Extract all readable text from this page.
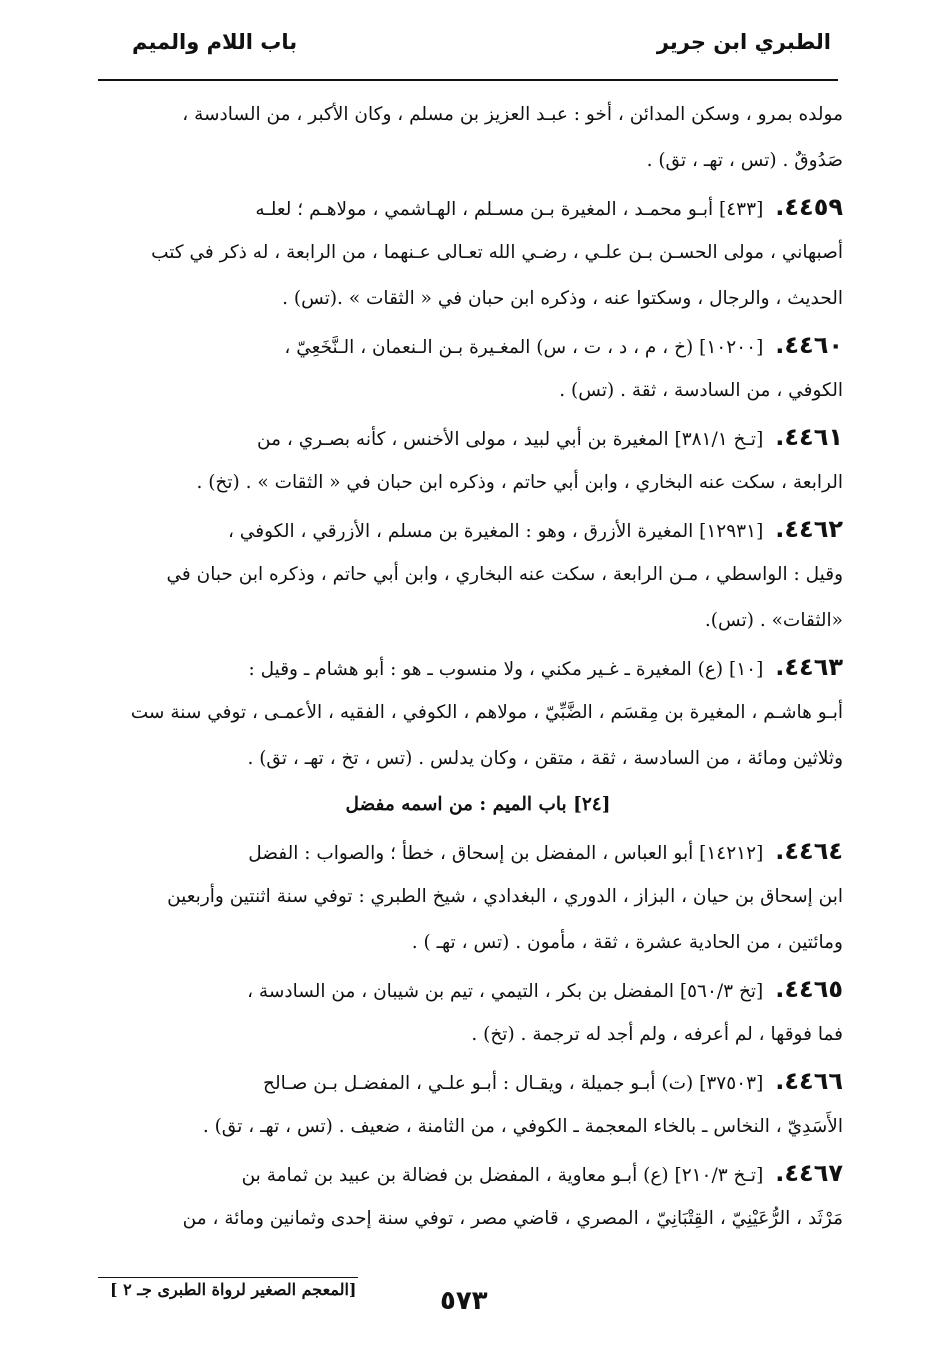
الطبري ابن جرير
باب اللام والميم
مولده بمرو ، وسكن المدائن ، أخو : عبـد العزيز بن مسلم ، وكان الأكبر ، من السادسة ،
صَدُوقٌ . (تس ، تهـ ، تق) .
٤٤٥٩.[٤٣٣] أبـو محمـد ، المغيرة بـن مسـلم ، الهـاشمي ، مولاهـم ؛ لعلـه
أصبهاني ، مولى الحسـن بـن علـي ، رضـي الله تعـالى عـنهما ، من الرابعة ، له ذكر في كتب
الحديث ، والرجال ، وسكتوا عنه ، وذكره ابن حبان في « الثقات » .(تس) .
٤٤٦٠.[١٠٢٠٠] (خ ، م ، د ، ت ، س) المغـيرة بـن الـنعمان ، الـنَّخَعِيّ ،
الكوفي ، من السادسة ، ثقة . (تس) .
٤٤٦١.[تـخ ٣٨١/١] المغيرة بن أبي لبيد ، مولى الأخنس ، كأنه بصـري ، من
الرابعة ، سكت عنه البخاري ، وابن أبي حاتم ، وذكره ابن حبان في « الثقات » . (تخ) .
٤٤٦٢.[١٢٩٣١] المغيرة الأزرق ، وهو : المغيرة بن مسلم ، الأزرقي ، الكوفي ،
وقيل : الواسطي ، مـن الرابعة ، سكت عنه البخاري ، وابن أبي حاتم ، وذكره ابن حبان في
«الثقات» . (تس).
٤٤٦٣.[١٠] (ع) المغيرة ـ غـير مكني ، ولا منسوب ـ هو : أبو هشام ـ وقيل :
أبـو هاشـم ، المغيرة بن مِقسَم ، الضَّبِّيّ ، مولاهم ، الكوفي ، الفقيه ، الأعمـى ، توفي سنة ست
وثلاثين ومائة ، من السادسة ، ثقة ، متقن ، وكان يدلس . (تس ، تخ ، تهـ ، تق) .
[٢٤] باب الميم : من اسمه مفضل
٤٤٦٤.[١٤٢١٢] أبو العباس ، المفضل بن إسحاق ، خطأ ؛ والصواب : الفضل
ابن إسحاق بن حيان ، البزاز ، الدوري ، البغدادي ، شيخ الطبري : توفي سنة اثنتين وأربعين
ومائتين ، من الحادية عشرة ، ثقة ، مأمون . (تس ، تهـ ) .
٤٤٦٥.[تخ ٥٦٠/٣] المفضل بن بكر ، التيمي ، تيم بن شيبان ، من السادسة ،
فما فوقها ، لم أعرفه ، ولم أجد له ترجمة . (تخ) .
٤٤٦٦.[٣٧٥٠٣] (ت) أبـو جميلة ، ويقـال : أبـو علـي ، المفضـل بـن صـالح
الأَسَدِيّ ، النخاس ـ بالخاء المعجمة ـ الكوفي ، من الثامنة ، ضعيف . (تس ، تهـ ، تق) .
٤٤٦٧.[تـخ ٢١٠/٣] (ع) أبـو معاوية ، المفضل بن فضالة بن عبيد بن ثمامة بن
مَرْثَد ، الرُّعَيْنِيّ ، القِتْبَانِيّ ، المصري ، قاضي مصر ، توفي سنة إحدى وثمانين ومائة ، من
[ المعجم الصغير لرواة الطبرى جـ ٢]	٥٧٣
